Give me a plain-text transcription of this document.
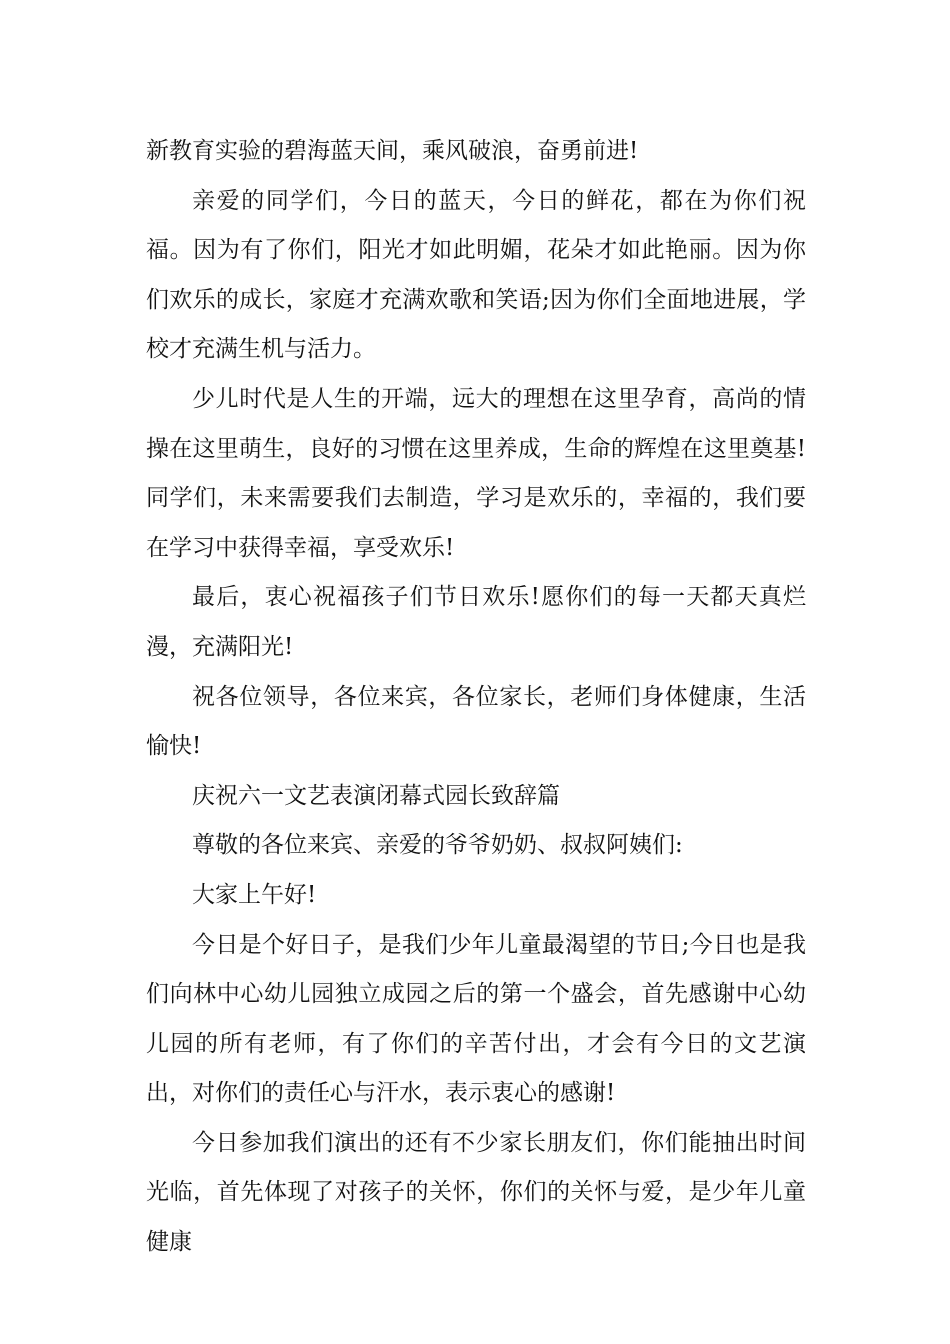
新教育实验的碧海蓝天间，乘风破浪，奋勇前进!

亲爱的同学们，今日的蓝天，今日的鲜花，都在为你们祝福。因为有了你们，阳光才如此明媚，花朵才如此艳丽。因为你们欢乐的成长，家庭才充满欢歌和笑语;因为你们全面地进展，学校才充满生机与活力。

少儿时代是人生的开端，远大的理想在这里孕育，高尚的情操在这里萌生，良好的习惯在这里养成，生命的辉煌在这里奠基!同学们，未来需要我们去制造，学习是欢乐的，幸福的，我们要在学习中获得幸福，享受欢乐!

最后，衷心祝福孩子们节日欢乐!愿你们的每一天都天真烂漫，充满阳光!

祝各位领导，各位来宾，各位家长，老师们身体健康，生活愉快!

庆祝六一文艺表演闭幕式园长致辞篇

尊敬的各位来宾、亲爱的爷爷奶奶、叔叔阿姨们:

大家上午好!

今日是个好日子，是我们少年儿童最渴望的节日;今日也是我们向林中心幼儿园独立成园之后的第一个盛会，首先感谢中心幼儿园的所有老师，有了你们的辛苦付出，才会有今日的文艺演出，对你们的责任心与汗水，表示衷心的感谢!

今日参加我们演出的还有不少家长朋友们，你们能抽出时间光临，首先体现了对孩子的关怀，你们的关怀与爱，是少年儿童健康
